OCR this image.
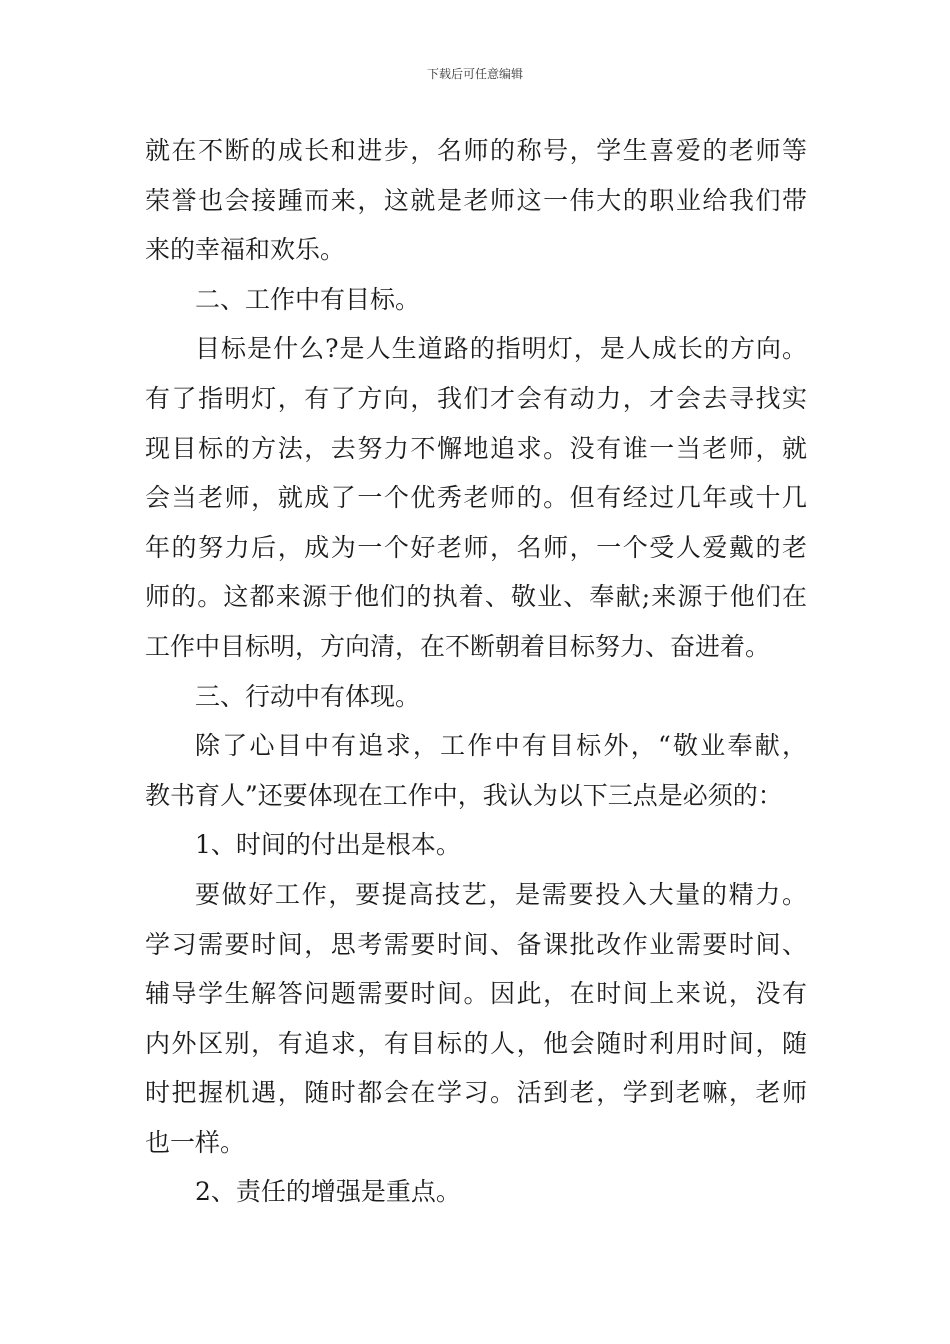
下载后可任意编辑
就在不断的成长和进步，名师的称号，学生喜爱的老师等
荣誉也会接踵而来，这就是老师这一伟大的职业给我们带
来的幸福和欢乐。
二、工作中有目标。
目标是什么?是人生道路的指明灯，是人成长的方向。
有了指明灯，有了方向，我们才会有动力，才会去寻找实
现目标的方法，去努力不懈地追求。没有谁一当老师，就
会当老师，就成了一个优秀老师的。但有经过几年或十几
年的努力后，成为一个好老师，名师，一个受人爱戴的老
师的。这都来源于他们的执着、敬业、奉献;来源于他们在
工作中目标明，方向清，在不断朝着目标努力、奋进着。
三、行动中有体现。
除了心目中有追求，工作中有目标外，“敬业奉献，
教书育人”还要体现在工作中，我认为以下三点是必须的：
1、时间的付出是根本。
要做好工作，要提高技艺，是需要投入大量的精力。
学习需要时间，思考需要时间、备课批改作业需要时间、
辅导学生解答问题需要时间。因此，在时间上来说，没有
内外区别，有追求，有目标的人，他会随时利用时间，随
时把握机遇，随时都会在学习。活到老，学到老嘛，老师
也一样。
2、责任的增强是重点。
